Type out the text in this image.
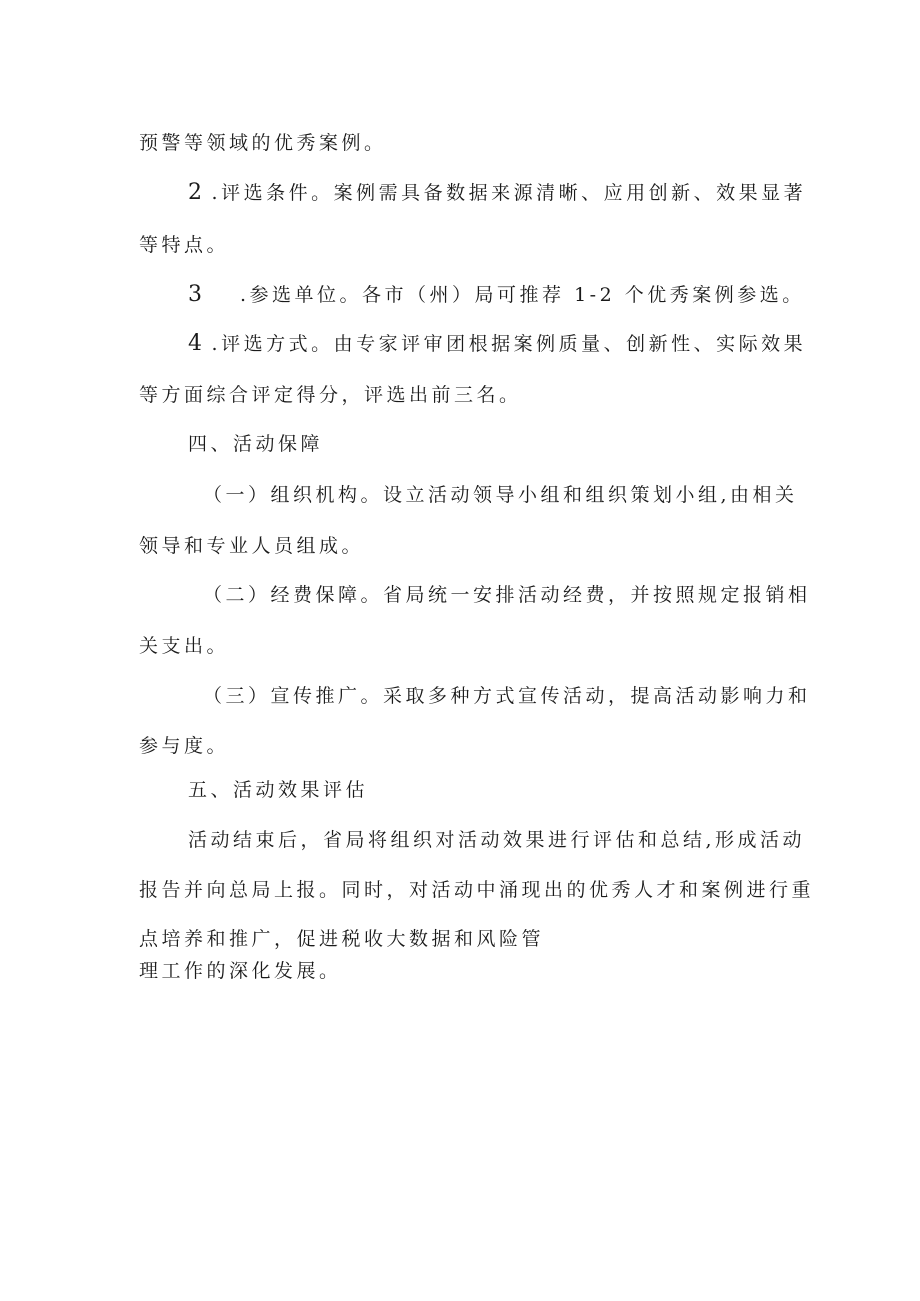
预警等领域的优秀案例。

2 .评选条件。案例需具备数据来源清晰、应用创新、效果显著

等特点。

3 .参选单位。各市（州）局可推荐 1-2 个优秀案例参选。

4 .评选方式。由专家评审团根据案例质量、创新性、实际效果

等方面综合评定得分，评选出前三名。

四、活动保障

（一）组织机构。设立活动领导小组和组织策划小组,由相关

领导和专业人员组成。

（二）经费保障。省局统一安排活动经费，并按照规定报销相

关支出。

（三）宣传推广。采取多种方式宣传活动，提高活动影响力和

参与度。

五、活动效果评估

活动结束后，省局将组织对活动效果进行评估和总结,形成活动

报告并向总局上报。同时，对活动中涌现出的优秀人才和案例进行重

点培养和推广，促进税收大数据和风险管

理工作的深化发展。
